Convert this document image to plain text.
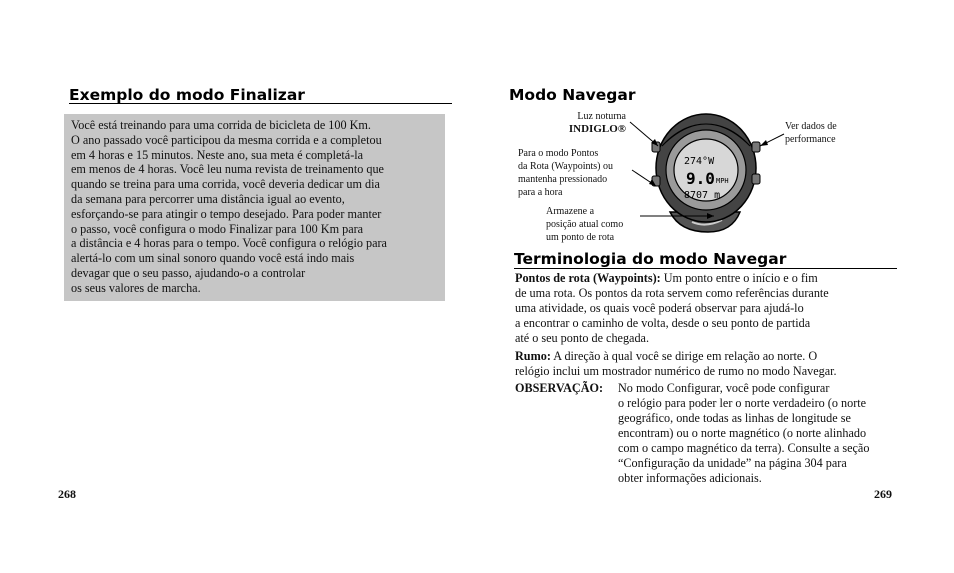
Exemplo do modo Finalizar
Você está treinando para uma corrida de bicicleta de 100 Km.
O ano passado você participou da mesma corrida e a completou
em 4 horas e 15 minutos. Neste ano, sua meta é completá-la
em menos de 4 horas. Você leu numa revista de treinamento que
quando se treina para uma corrida, você deveria dedicar um dia
da semana para percorrer uma distância igual ao evento,
esforçando-se para atingir o tempo desejado. Para poder manter
o passo, você configura o modo Finalizar para 100 Km para
a distância e 4 horas para o tempo. Você configura o relógio para
alertá-lo com um sinal sonoro quando você está indo mais
devagar que o seu passo, ajudando-o a controlar
os seus valores de marcha.
268
Modo Navegar
274°W
9.0 MPH
8707 m
Luz noturna
INDIGLO®	Ver dados de
performance
Para o modo Pontos
da Rota (Waypoints) ou
mantenha pressionado
para a hora
Armazene a
posição atual como
um ponto de rota
Terminologia do modo Navegar
Pontos de rota (Waypoints): Um ponto entre o início e o fim
de uma rota. Os pontos da rota servem como referências durante
uma atividade, os quais você poderá observar para ajudá-lo
a encontrar o caminho de volta, desde o seu ponto de partida
até o seu ponto de chegada.
Rumo: A direção à qual você se dirige em relação ao norte. O
relógio inclui um mostrador numérico de rumo no modo Navegar.
OBSERVAÇÃO: No modo Configurar, você pode configurar
o relógio para poder ler o norte verdadeiro (o norte
geográfico, onde todas as linhas de longitude se
encontram) ou o norte magnético (o norte alinhado
com o campo magnético da terra). Consulte a seção
“Configuração da unidade” na página 304 para
obter informações adicionais.
269
